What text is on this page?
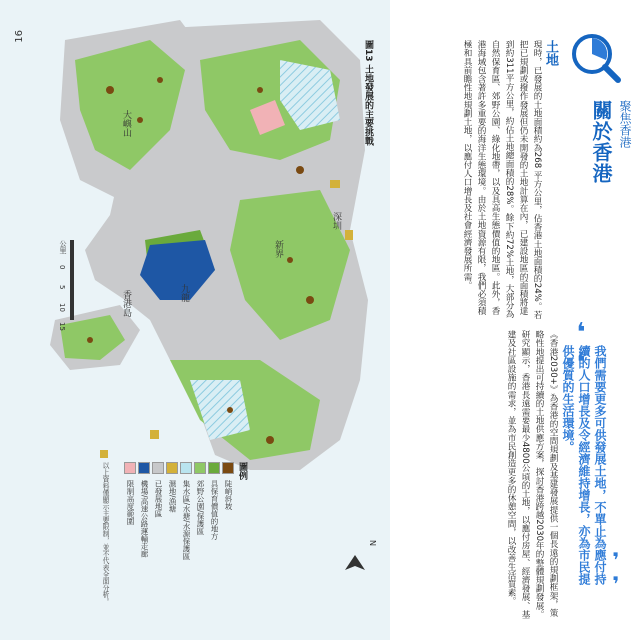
16
深圳
新界
九龍
香港島
大嶼山
公里
0
5
10
15
N
圖13 土地發展的主要挑戰
圖例
陡峭斜坡
具保育價值的地方
郊野公園/保護區
集水區/水塘/水源保護區
濕地/漁塘
已發展地區
機場/高速公路運輸走廊
限制高度範圍
以上資料僅顯示主要限制，並不代表全面分析。
關於香港 聚焦香港
土地
現時，已發展的土地面積約為268 平方公里，佔香港土地面積的24%。若把已規劃或撥作發展但仍未開發的土地計算在內，已建設地區的面積將達到約311平方公里，約佔土地總面積的28%。餘下約72%土地，大部分為自然保育區、郊野公園、綠化地帶，以及具高生態價值的地區。此外，香港海域包含著許多重要的海洋生態環境。由於土地資源有限，我們必須積極和具前瞻性地規劃土地，以應付人口增長及社會經濟發展所需。
❛❛
我們需要更多可供發展土地，不單止為應付持續的人口增長及令經濟維持增長，亦為市民提供優質的生活環境。
❜❜
《香港2030+》為香港的空間規劃及基建發展提供一個長遠的規劃框架，策略性地提出可持續的土地供應方案，探討香港跨越2030年的整體規劃發展。研究顯示，香港長遠需要最少4800公頃的土地，以應付房屋、經濟發展、基建及社區設施的需求，並為市民創造更多的休憩空間，以改善生活質素。
